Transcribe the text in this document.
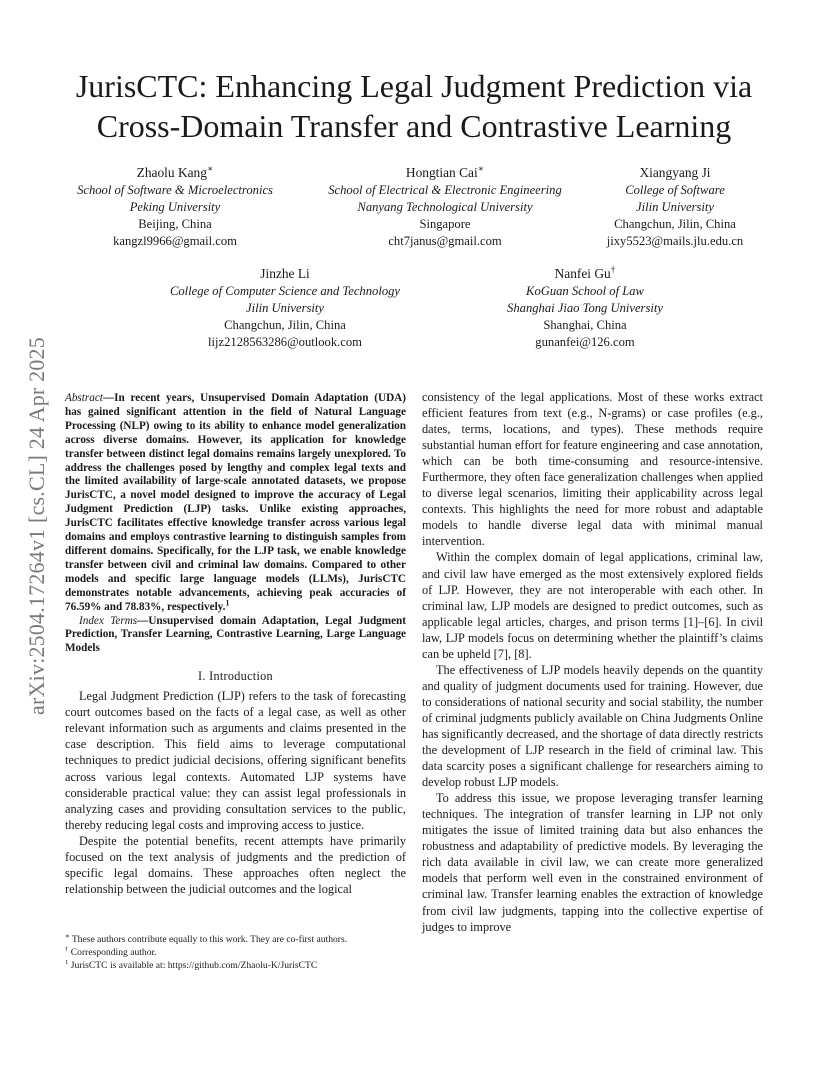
arXiv:2504.17264v1 [cs.CL] 24 Apr 2025
JurisCTC: Enhancing Legal Judgment Prediction via
Cross-Domain Transfer and Contrastive Learning
Zhaolu Kang∗
School of Software & Microelectronics
Peking University
Beijing, China
kangzl9966@gmail.com
Hongtian Cai∗
School of Electrical & Electronic Engineering
Nanyang Technological University
Singapore
cht7janus@gmail.com
Xiangyang Ji
College of Software
Jilin University
Changchun, Jilin, China
jixy5523@mails.jlu.edu.cn
Jinzhe Li
College of Computer Science and Technology
Jilin University
Changchun, Jilin, China
lijz2128563286@outlook.com
Nanfei Gu†
KoGuan School of Law
Shanghai Jiao Tong University
Shanghai, China
gunanfei@126.com

Abstract—In recent years, Unsupervised Domain Adaptation (UDA) has gained significant attention in the field of Natural Language Processing (NLP) owing to its ability to enhance model generalization across diverse domains. However, its application for knowledge transfer between distinct legal domains remains largely unexplored. To address the challenges posed by lengthy and complex legal texts and the limited availability of large-scale annotated datasets, we propose JurisCTC, a novel model designed to improve the accuracy of Legal Judgment Prediction (LJP) tasks. Unlike existing approaches, JurisCTC facilitates effective knowledge transfer across various legal domains and employs contrastive learning to distinguish samples from different domains. Specifically, for the LJP task, we enable knowledge transfer between civil and criminal law domains. Compared to other models and specific large language models (LLMs), JurisCTC demonstrates notable advancements, achieving peak accuracies of 76.59% and 78.83%, respectively.$^1$

Index Terms—Unsupervised domain Adaptation, Legal Judgment Prediction, Transfer Learning, Contrastive Learning, Large Language Models

I. Introduction

Legal Judgment Prediction (LJP) refers to the task of forecasting court outcomes based on the facts of a legal case, as well as other relevant information such as arguments and claims presented in the case description. This field aims to leverage computational techniques to predict judicial decisions, offering significant benefits across various legal contexts. Automated LJP systems have considerable practical value: they can assist legal professionals in analyzing cases and providing consultation services to the public, thereby reducing legal costs and improving access to justice.

Despite the potential benefits, recent attempts have primarily focused on the text analysis of judgments and the prediction of specific legal domains. These approaches often neglect the relationship between the judicial outcomes and the logical

consistency of the legal applications. Most of these works extract efficient features from text (e.g., N-grams) or case profiles (e.g., dates, terms, locations, and types). These methods require substantial human effort for feature engineering and case annotation, which can be both time-consuming and resource-intensive. Furthermore, they often face generalization challenges when applied to diverse legal scenarios, limiting their applicability across legal contexts. This highlights the need for more robust and adaptable models to handle diverse legal data with minimal manual intervention.

Within the complex domain of legal applications, criminal law, and civil law have emerged as the most extensively explored fields of LJP. However, they are not interoperable with each other. In criminal law, LJP models are designed to predict outcomes, such as applicable legal articles, charges, and prison terms [1]–[6]. In civil law, LJP models focus on determining whether the plaintiff’s claims can be upheld [7], [8].

The effectiveness of LJP models heavily depends on the quantity and quality of judgment documents used for training. However, due to considerations of national security and social stability, the number of criminal judgments publicly available on China Judgments Online has significantly decreased, and the shortage of data directly restricts the development of LJP research in the field of criminal law. This data scarcity poses a significant challenge for researchers aiming to develop robust LJP models.

To address this issue, we propose leveraging transfer learning techniques. The integration of transfer learning in LJP not only mitigates the issue of limited training data but also enhances the robustness and adaptability of predictive models. By leveraging the rich data available in civil law, we can create more generalized models that perform well even in the constrained environment of criminal law. Transfer learning enables the extraction of knowledge from civil law judgments, tapping into the collective expertise of judges to improve

∗ These authors contribute equally to this work. They are co-first authors.
† Corresponding author.
$^1$ JurisCTC is available at: https://github.com/Zhaolu-K/JurisCTC
